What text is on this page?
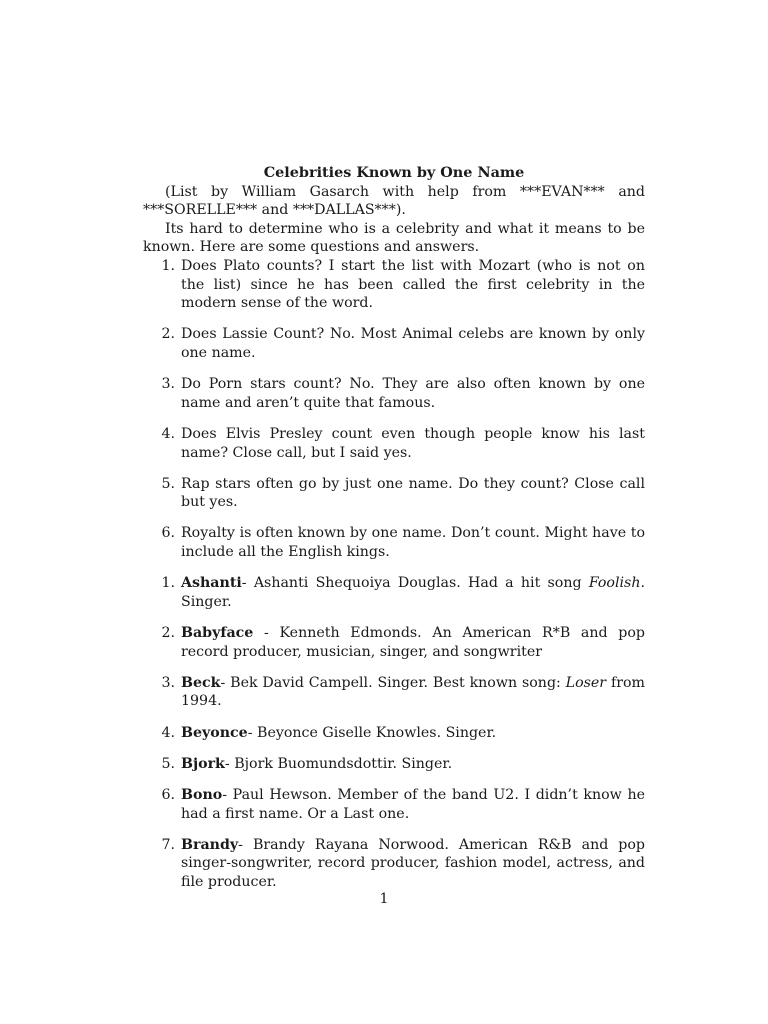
Celebrities Known by One Name

(List by William Gasarch with help from ***EVAN*** and ***SORELLE*** and ***DALLAS***).

Its hard to determine who is a celebrity and what it means to be known. Here are some questions and answers.

1. Does Plato counts? I start the list with Mozart (who is not on the list) since he has been called the first celebrity in the modern sense of the word.
2. Does Lassie Count? No. Most Animal celebs are known by only one name.
3. Do Porn stars count? No. They are also often known by one name and aren’t quite that famous.
4. Does Elvis Presley count even though people know his last name? Close call, but I said yes.
5. Rap stars often go by just one name. Do they count? Close call but yes.
6. Royalty is often known by one name. Don’t count. Might have to include all the English kings.
1. Ashanti- Ashanti Shequoiya Douglas. Had a hit song Foolish. Singer.
2. Babyface - Kenneth Edmonds. An American R*B and pop record producer, musician, singer, and songwriter
3. Beck- Bek David Campell. Singer. Best known song: Loser from 1994.
4. Beyonce- Beyonce Giselle Knowles. Singer.
5. Bjork- Bjork Buomundsdottir. Singer.
6. Bono- Paul Hewson. Member of the band U2. I didn’t know he had a first name. Or a Last one.
7. Brandy- Brandy Rayana Norwood. American R&B and pop singer-songwriter, record producer, fashion model, actress, and file producer.
1
